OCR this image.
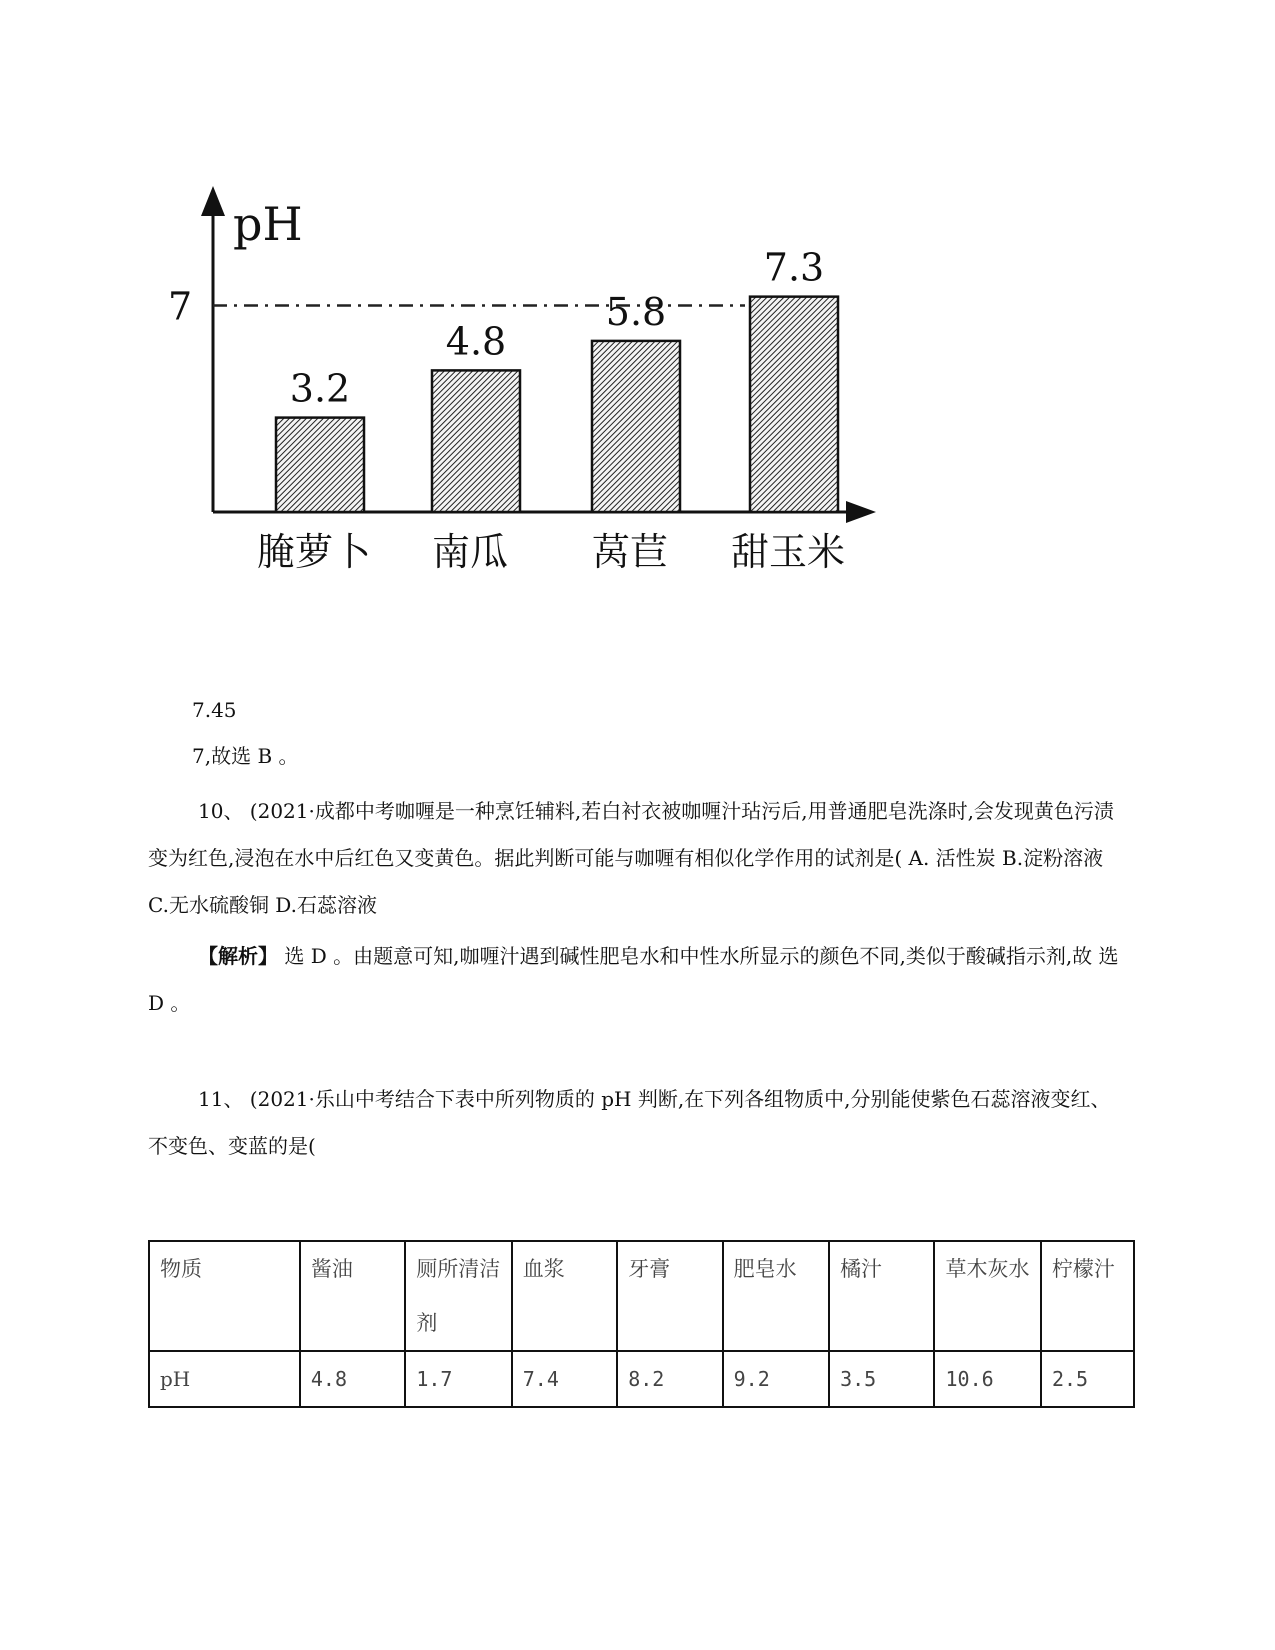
pH
7
3.2
腌萝卜
4.8
南瓜
5.8
莴苣
7.3
甜玉米
7.45
7,故选 B 。
10、 (2021·成都中考咖喱是一种烹饪辅料,若白衬衣被咖喱汁玷污后,用普通肥皂洗涤时,会发现黄色污渍变为红色,浸泡在水中后红色又变黄色。据此判断可能与咖喱有相似化学作用的试剂是( A. 活性炭 B.淀粉溶液 C.无水硫酸铜 D.石蕊溶液
【解析】 选 D 。由题意可知,咖喱汁遇到碱性肥皂水和中性水所显示的颜色不同,类似于酸碱指示剂,故 选 D 。
11、 (2021·乐山中考结合下表中所列物质的 pH 判断,在下列各组物质中,分别能使紫色石蕊溶液变红、 不变色、变蓝的是(
物质	酱油	厕所清洁剂	血浆	牙膏	肥皂水	橘汁	草木灰水	柠檬汁
pH	4.8	1.7	7.4	8.2	9.2	3.5	10.6	2.5
